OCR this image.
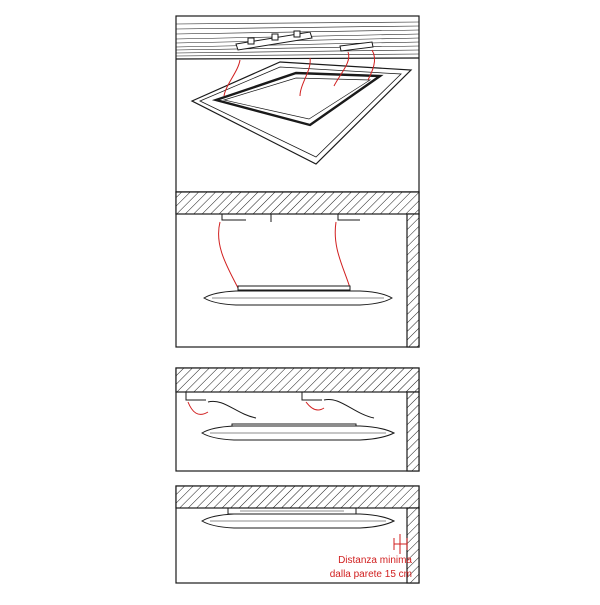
Distanza minima
dalla parete 15 cm
